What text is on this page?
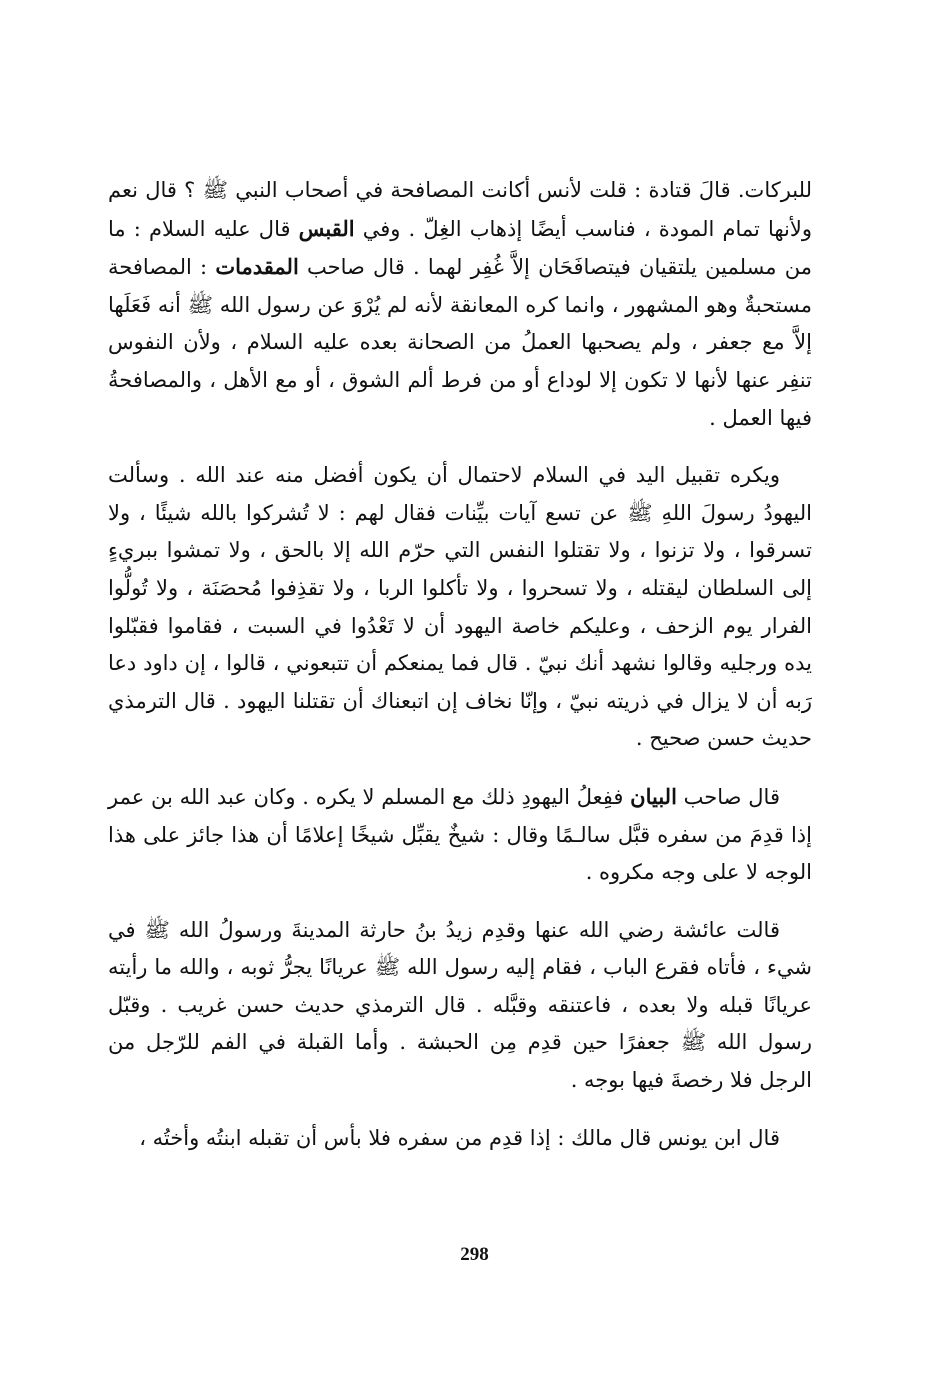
للبركات. قالَ قتادة : قلت لأنس أكانت المصافحة في أصحاب النبي ﷺ ؟ قال نعم ولأنها تمام المودة ، فناسب أيضًا إذهاب الغِلّ . وفي القبس قال عليه السلام : ما من مسلمين يلتقيان فيتصافَحَان إلاَّ غُفِر لهما . قال صاحب المقدمات : المصافحة مستحبةٌ وهو المشهور ، وانما كره المعانقة لأنه لم يُرْوَ عن رسول الله ﷺ أنه فَعَلَها إلاَّ مع جعفر ، ولم يصحبها العملُ من الصحانة بعده عليه السلام ، ولأن النفوس تنفِر عنها لأنها لا تكون إلا لوداع أو من فرط ألم الشوق ، أو مع الأهل ، والمصافحةُ فيها العمل .

ويكره تقبيل اليد في السلام لاحتمال أن يكون أفضل منه عند الله . وسألت اليهودُ رسولَ اللهِ ﷺ عن تسع آيات بيِّنات فقال لهم : لا تُشركوا بالله شيئًا ، ولا تسرقوا ، ولا تزنوا ، ولا تقتلوا النفس التي حرّم الله إلا بالحق ، ولا تمشوا ببريءٍ إلى السلطان ليقتله ، ولا تسحروا ، ولا تأكلوا الربا ، ولا تقذِفوا مُحصَنَة ، ولا تُولُّوا الفرار يوم الزحف ، وعليكم خاصة اليهود أن لا تَعْدُوا في السبت ، فقاموا فقبّلوا يده ورجليه وقالوا نشهد أنك نبيّ . قال فما يمنعكم أن تتبعوني ، قالوا ، إن داود دعا رَبه أن لا يزال في ذريته نبيّ ، وإنّا نخاف إن اتبعناك أن تقتلنا اليهود . قال الترمذي حديث حسن صحيح .

قال صاحب البيان ففِعلُ اليهودِ ذلك مع المسلم لا يكره . وكان عبد الله بن عمر إذا قدِمَ من سفره قبَّل سالـمًا وقال : شيخٌ يقبِّل شيخًا إعلامًا أن هذا جائز على هذا الوجه لا على وجه مكروه .

قالت عائشة رضي الله عنها وقدِم زيدُ بنُ حارثة المدينةَ ورسولُ الله ﷺ في شيء ، فأتاه فقرع الباب ، فقام إليه رسول الله ﷺ عريانًا يجرُّ ثوبه ، والله ما رأيته عريانًا قبله ولا بعده ، فاعتنقه وقبَّله . قال الترمذي حديث حسن غريب . وقبّل رسول الله ﷺ جعفرًا حين قدِم مِن الحبشة . وأما القبلة في الفم للرّجل من الرجل فلا رخصةَ فيها بوجه .

قال ابن يونس قال مالك : إذا قدِم من سفره فلا بأس أن تقبله ابنتُه وأختُه ،

298
